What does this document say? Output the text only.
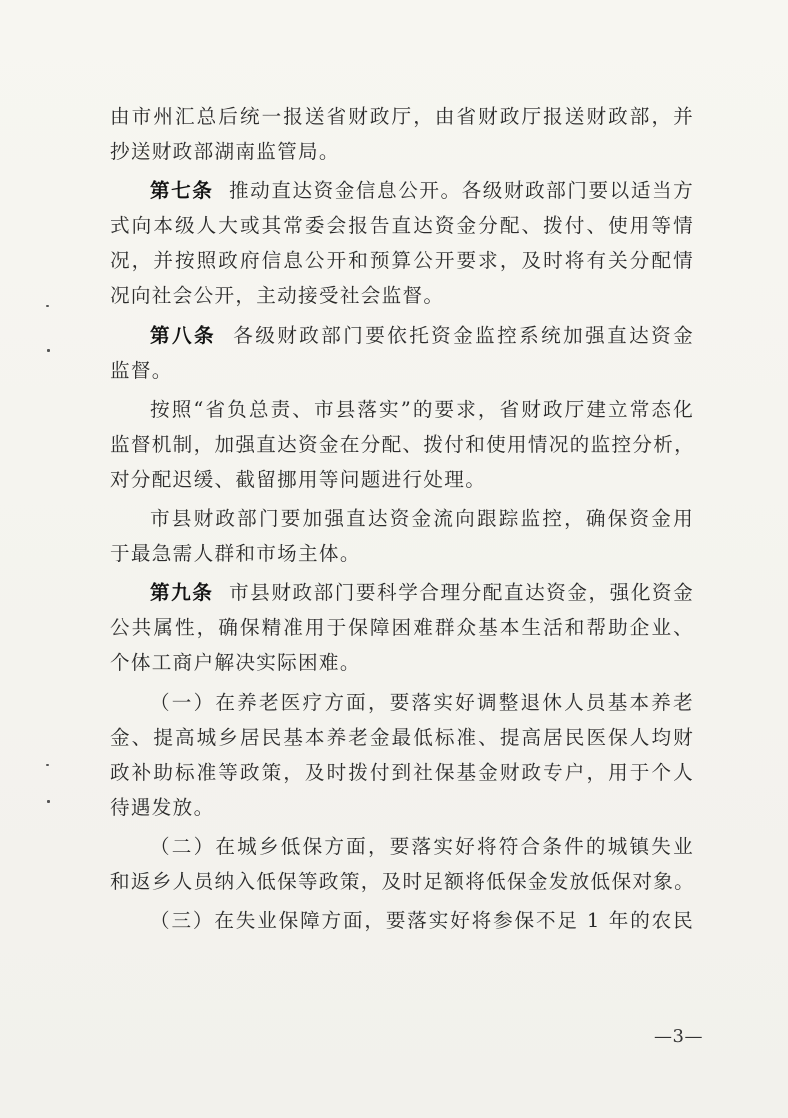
由市州汇总后统一报送省财政厅，由省财政厅报送财政部，并
抄送财政部湖南监管局。
第七条 推动直达资金信息公开。各级财政部门要以适当方
式向本级人大或其常委会报告直达资金分配、拨付、使用等情
况，并按照政府信息公开和预算公开要求，及时将有关分配情
况向社会公开，主动接受社会监督。
第八条 各级财政部门要依托资金监控系统加强直达资金
监督。
按照“省负总责、市县落实”的要求，省财政厅建立常态化
监督机制，加强直达资金在分配、拨付和使用情况的监控分析，
对分配迟缓、截留挪用等问题进行处理。
市县财政部门要加强直达资金流向跟踪监控，确保资金用
于最急需人群和市场主体。
第九条 市县财政部门要科学合理分配直达资金，强化资金
公共属性，确保精准用于保障困难群众基本生活和帮助企业、
个体工商户解决实际困难。
（一）在养老医疗方面，要落实好调整退休人员基本养老
金、提高城乡居民基本养老金最低标准、提高居民医保人均财
政补助标准等政策，及时拨付到社保基金财政专户，用于个人
待遇发放。
（二）在城乡低保方面，要落实好将符合条件的城镇失业
和返乡人员纳入低保等政策，及时足额将低保金发放低保对象。
（三）在失业保障方面，要落实好将参保不足 1 年的农民
—3—
